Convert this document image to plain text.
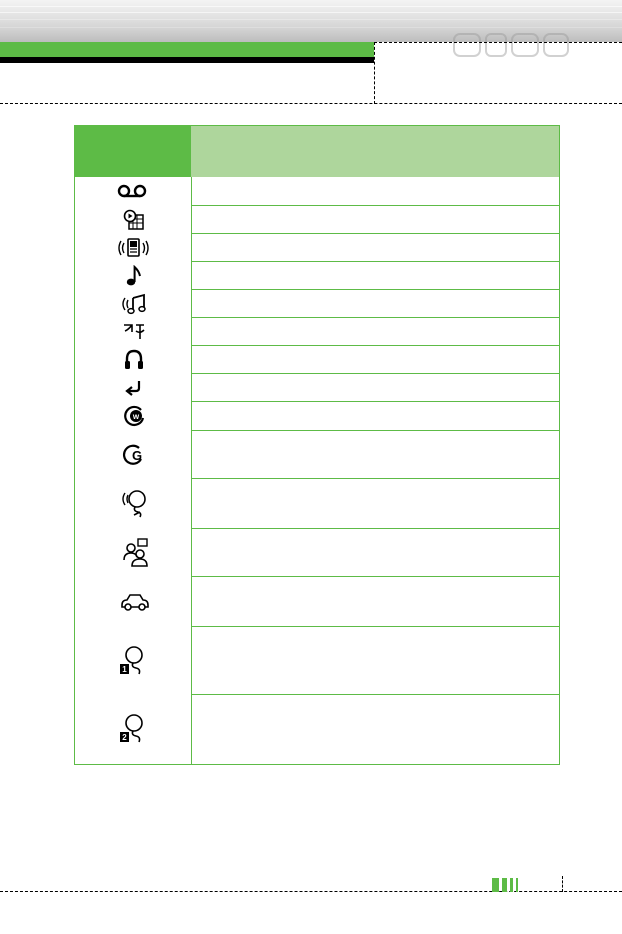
w
G
1
2
